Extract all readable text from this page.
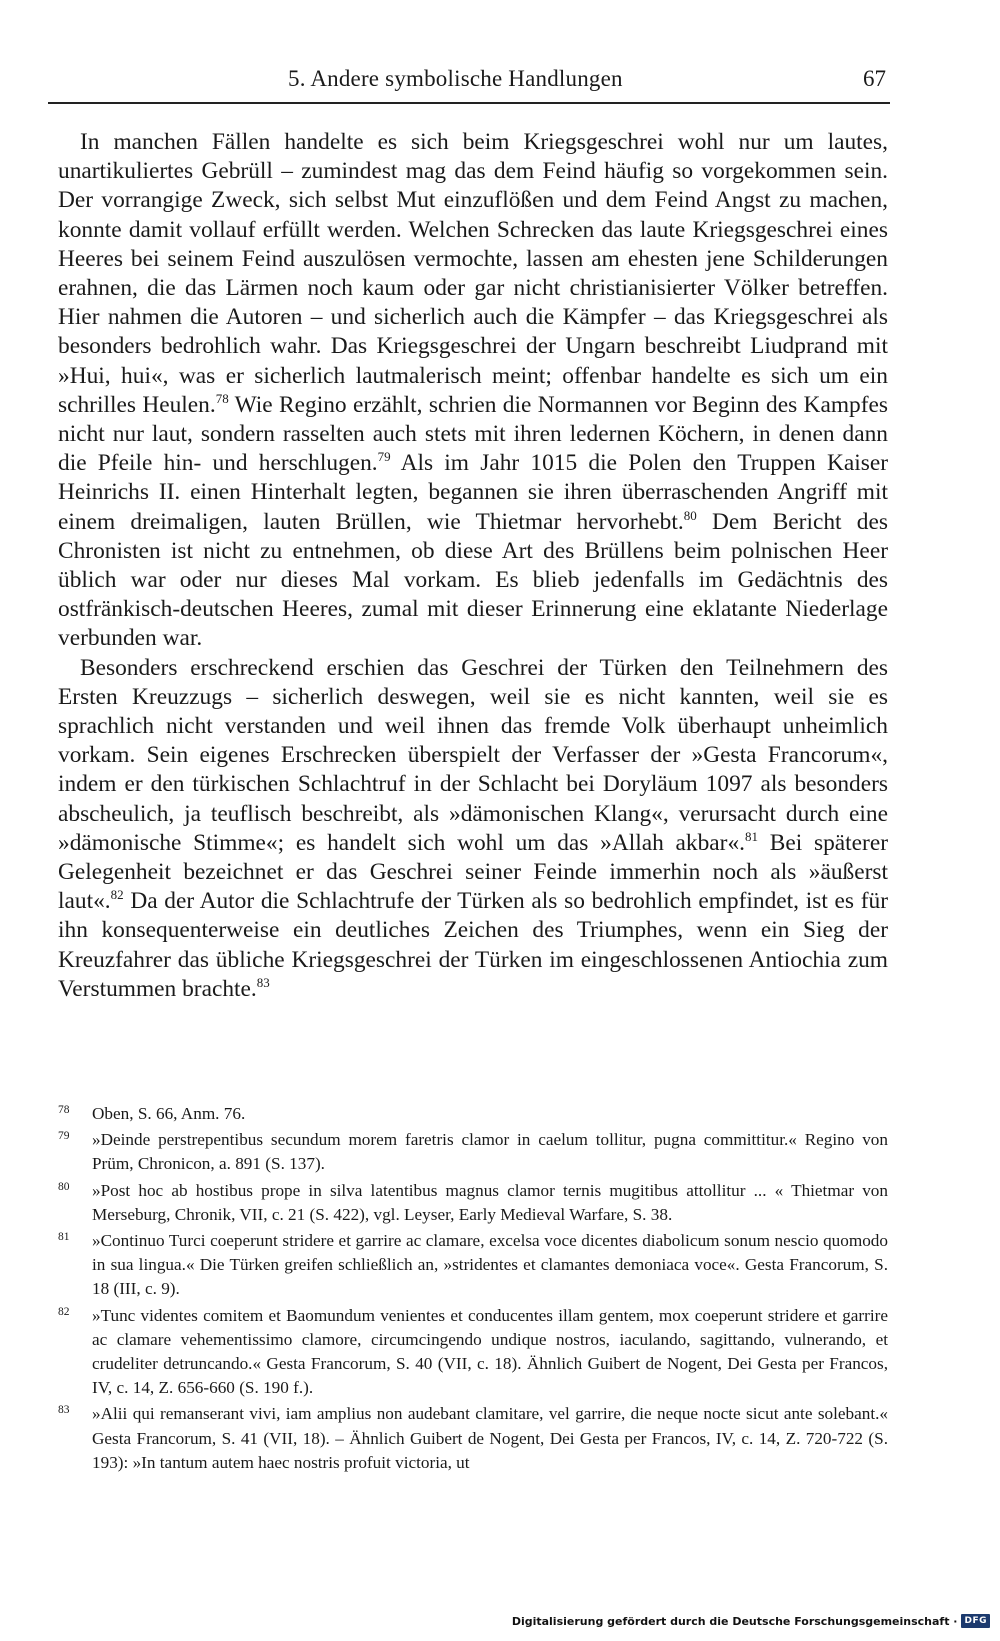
5. Andere symbolische Handlungen	67

In manchen Fällen handelte es sich beim Kriegsgeschrei wohl nur um lautes, unartikuliertes Gebrüll – zumindest mag das dem Feind häufig so vorgekommen sein. Der vorrangige Zweck, sich selbst Mut einzuflößen und dem Feind Angst zu machen, konnte damit vollauf erfüllt werden. Welchen Schrecken das laute Kriegsgeschrei eines Heeres bei seinem Feind auszulösen vermochte, lassen am ehesten jene Schilderungen erahnen, die das Lärmen noch kaum oder gar nicht christianisierter Völker betreffen. Hier nahmen die Autoren – und sicherlich auch die Kämpfer – das Kriegsgeschrei als besonders bedrohlich wahr. Das Kriegsgeschrei der Ungarn beschreibt Liudprand mit »Hui, hui«, was er sicherlich lautmalerisch meint; offenbar handelte es sich um ein schrilles Heulen.$^{78}$ Wie Regino erzählt, schrien die Normannen vor Beginn des Kampfes nicht nur laut, sondern rasselten auch stets mit ihren ledernen Köchern, in denen dann die Pfeile hin- und herschlugen.$^{79}$ Als im Jahr 1015 die Polen den Truppen Kaiser Heinrichs II. einen Hinterhalt legten, begannen sie ihren überraschenden Angriff mit einem dreimaligen, lauten Brüllen, wie Thietmar hervorhebt.$^{80}$ Dem Bericht des Chronisten ist nicht zu entnehmen, ob diese Art des Brüllens beim polnischen Heer üblich war oder nur dieses Mal vorkam. Es blieb jedenfalls im Gedächtnis des ostfränkisch-deutschen Heeres, zumal mit dieser Erinnerung eine eklatante Niederlage verbunden war.

Besonders erschreckend erschien das Geschrei der Türken den Teilnehmern des Ersten Kreuzzugs – sicherlich deswegen, weil sie es nicht kannten, weil sie es sprachlich nicht verstanden und weil ihnen das fremde Volk überhaupt unheimlich vorkam. Sein eigenes Erschrecken überspielt der Verfasser der »Gesta Francorum«, indem er den türkischen Schlachtruf in der Schlacht bei Doryläum 1097 als besonders abscheulich, ja teuflisch beschreibt, als »dämonischen Klang«, verursacht durch eine »dämonische Stimme«; es handelt sich wohl um das »Allah akbar«.$^{81}$ Bei späterer Gelegenheit bezeichnet er das Geschrei seiner Feinde immerhin noch als »äußerst laut«.$^{82}$ Da der Autor die Schlachtrufe der Türken als so bedrohlich empfindet, ist es für ihn konsequenterweise ein deutliches Zeichen des Triumphes, wenn ein Sieg der Kreuzfahrer das übliche Kriegsgeschrei der Türken im eingeschlossenen Antiochia zum Verstummen brachte.$^{83}$

78 Oben, S. 66, Anm. 76.
79 »Deinde perstrepentibus secundum morem faretris clamor in caelum tollitur, pugna committitur.« Regino von Prüm, Chronicon, a. 891 (S. 137).
80 »Post hoc ab hostibus prope in silva latentibus magnus clamor ternis mugitibus attollitur ... « Thietmar von Merseburg, Chronik, VII, c. 21 (S. 422), vgl. Leyser, Early Medieval Warfare, S. 38.
81 »Continuo Turci coeperunt stridere et garrire ac clamare, excelsa voce dicentes diabolicum sonum nescio quomodo in sua lingua.« Die Türken greifen schließlich an, »stridentes et clamantes demoniaca voce«. Gesta Francorum, S. 18 (III, c. 9).
82 »Tunc videntes comitem et Baomundum venientes et conducentes illam gentem, mox coeperunt stridere et garrire ac clamare vehementissimo clamore, circumcingendo undique nostros, iaculando, sagittando, vulnerando, et crudeliter detruncando.« Gesta Francorum, S. 40 (VII, c. 18). Ähnlich Guibert de Nogent, Dei Gesta per Francos, IV, c. 14, Z. 656-660 (S. 190 f.).
83 »Alii qui remanserant vivi, iam amplius non audebant clamitare, vel garrire, die neque nocte sicut ante solebant.« Gesta Francorum, S. 41 (VII, 18). – Ähnlich Guibert de Nogent, Dei Gesta per Francos, IV, c. 14, Z. 720-722 (S. 193): »In tantum autem haec nostris profuit victoria, ut
Digitalisierung gefördert durch die Deutsche Forschungsgemeinschaft · DFG
